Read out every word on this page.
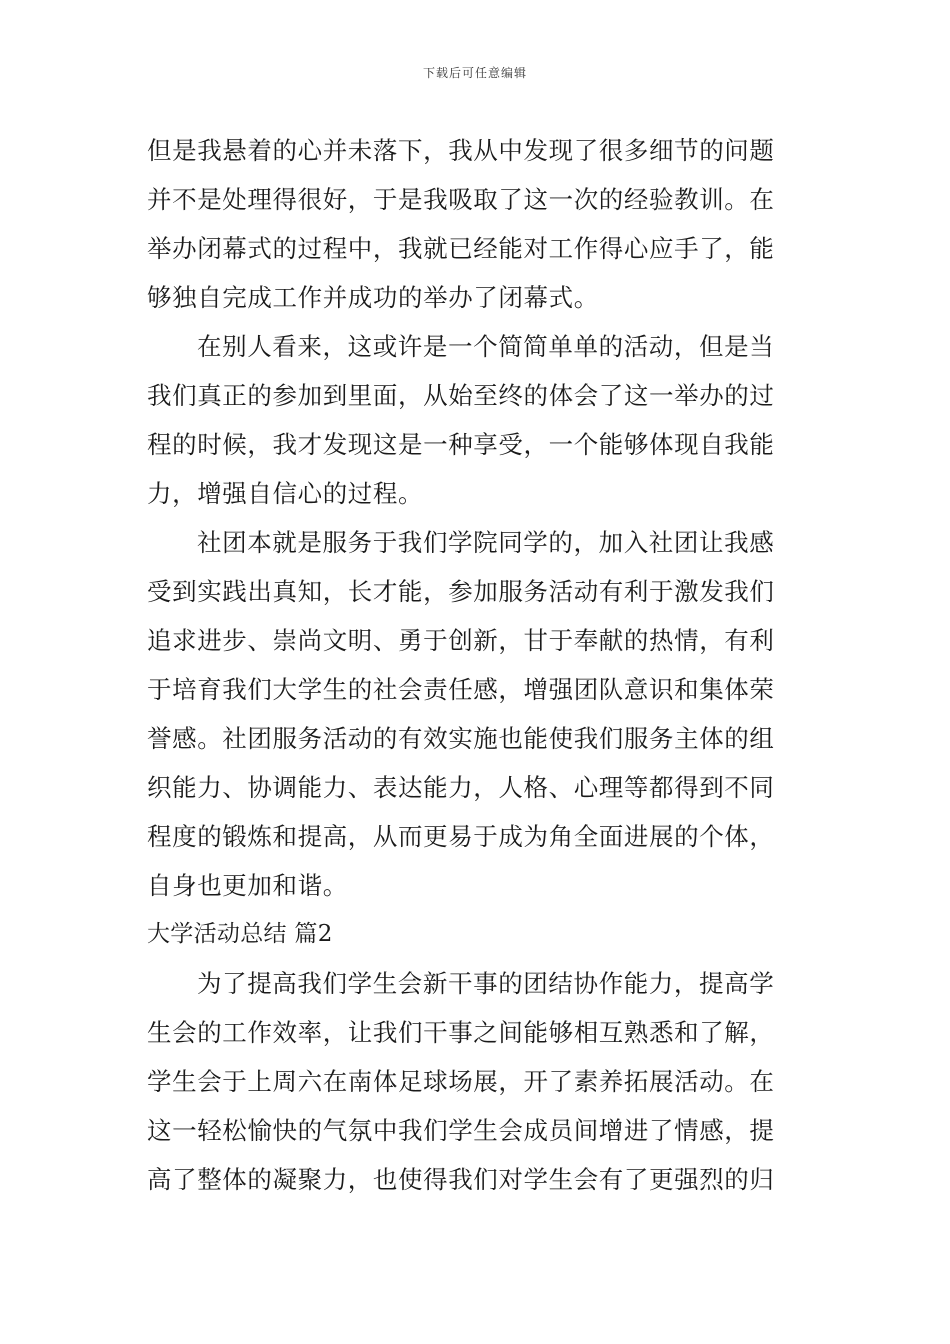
下载后可任意编辑
但是我悬着的心并未落下，我从中发现了很多细节的问题
并不是处理得很好，于是我吸取了这一次的经验教训。在
举办闭幕式的过程中，我就已经能对工作得心应手了，能
够独自完成工作并成功的举办了闭幕式。
在别人看来，这或许是一个简简单单的活动，但是当
我们真正的参加到里面，从始至终的体会了这一举办的过
程的时候，我才发现这是一种享受，一个能够体现自我能
力，增强自信心的过程。
社团本就是服务于我们学院同学的，加入社团让我感
受到实践出真知，长才能，参加服务活动有利于激发我们
追求进步、崇尚文明、勇于创新，甘于奉献的热情，有利
于培育我们大学生的社会责任感，增强团队意识和集体荣
誉感。社团服务活动的有效实施也能使我们服务主体的组
织能力、协调能力、表达能力，人格、心理等都得到不同
程度的锻炼和提高，从而更易于成为角全面进展的个体，
自身也更加和谐。
大学活动总结 篇2
为了提高我们学生会新干事的团结协作能力，提高学
生会的工作效率，让我们干事之间能够相互熟悉和了解，
学生会于上周六在南体足球场展，开了素养拓展活动。在
这一轻松愉快的气氛中我们学生会成员间增进了情感，提
高了整体的凝聚力，也使得我们对学生会有了更强烈的归
